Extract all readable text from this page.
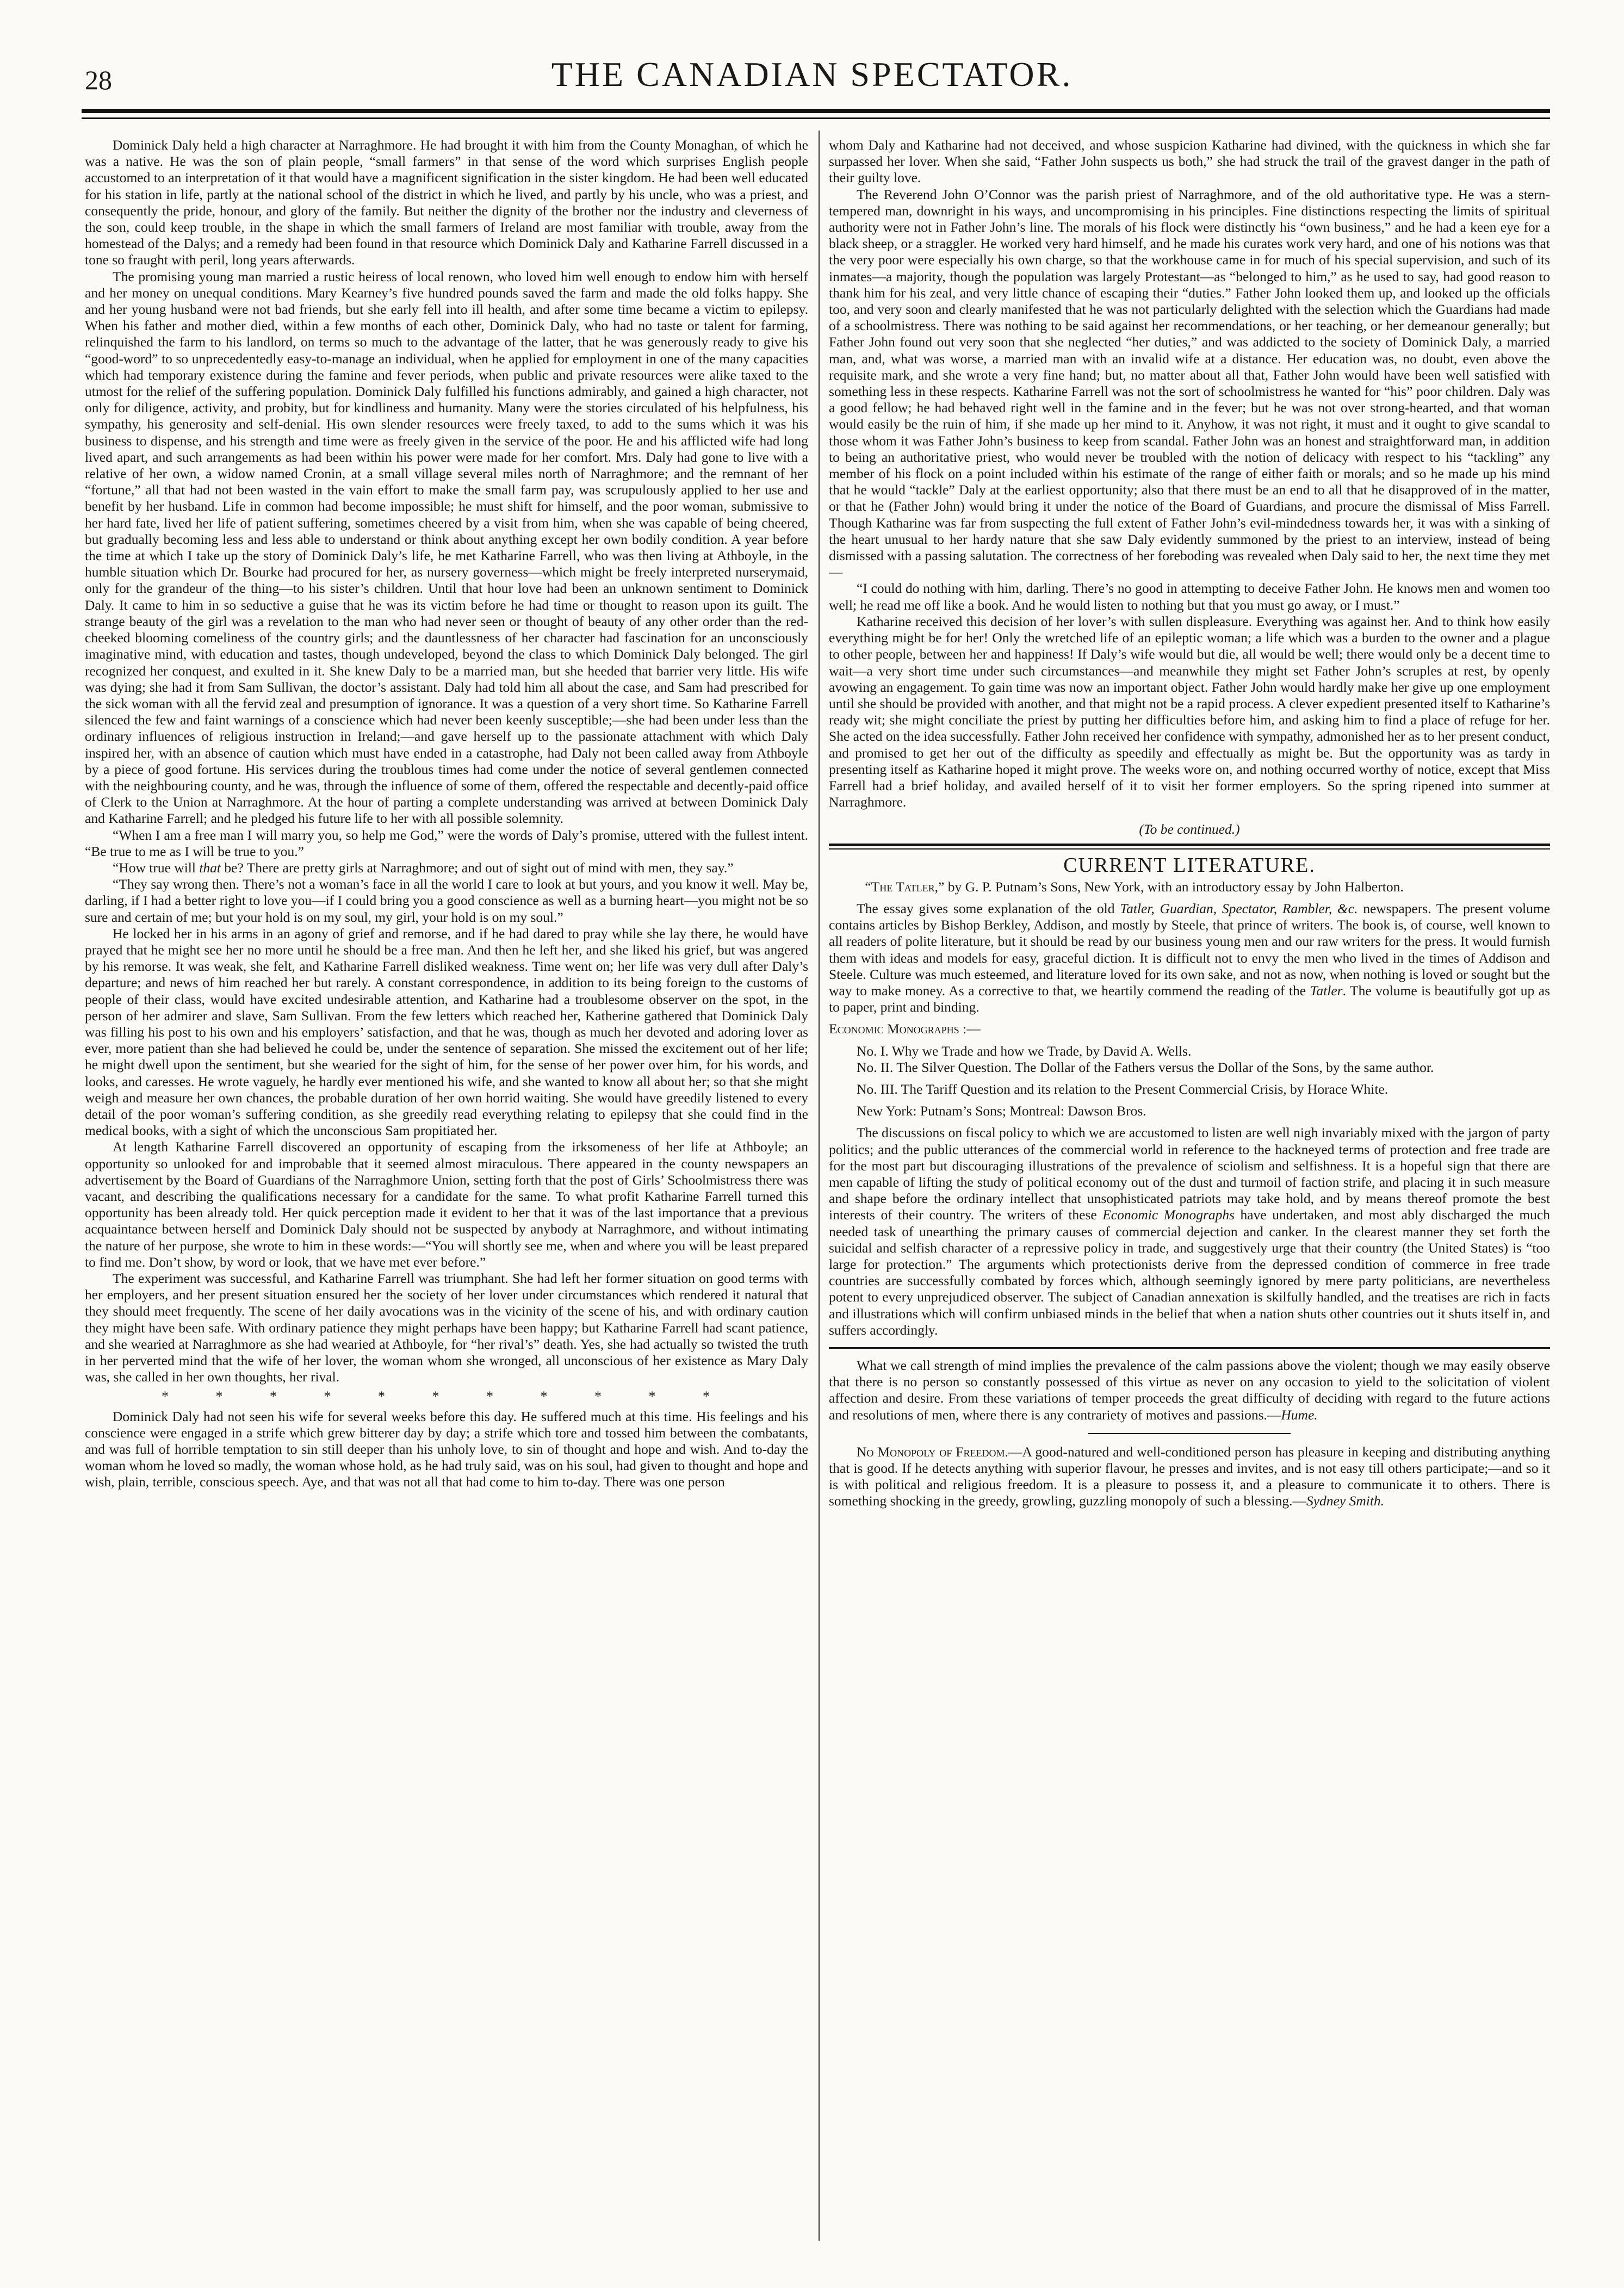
28	THE CANADIAN SPECTATOR.

Dominick Daly held a high character at Narraghmore. He had brought it with him from the County Monaghan, of which he was a native. He was the son of plain people, “small farmers” in that sense of the word which surprises English people accustomed to an interpretation of it that would have a magnificent signification in the sister kingdom. He had been well educated for his station in life, partly at the national school of the district in which he lived, and partly by his uncle, who was a priest, and consequently the pride, honour, and glory of the family. But neither the dignity of the brother nor the industry and cleverness of the son, could keep trouble, in the shape in which the small farmers of Ireland are most familiar with trouble, away from the homestead of the Dalys; and a remedy had been found in that resource which Dominick Daly and Katharine Farrell discussed in a tone so fraught with peril, long years afterwards.

The promising young man married a rustic heiress of local renown, who loved him well enough to endow him with herself and her money on unequal conditions. Mary Kearney’s five hundred pounds saved the farm and made the old folks happy. She and her young husband were not bad friends, but she early fell into ill health, and after some time became a victim to epilepsy. When his father and mother died, within a few months of each other, Dominick Daly, who had no taste or talent for farming, relinquished the farm to his landlord, on terms so much to the advantage of the latter, that he was generously ready to give his “good-word” to so unprecedentedly easy-to-manage an individual, when he applied for employment in one of the many capacities which had temporary existence during the famine and fever periods, when public and private resources were alike taxed to the utmost for the relief of the suffering population. Dominick Daly fulfilled his functions admirably, and gained a high character, not only for diligence, activity, and probity, but for kindliness and humanity. Many were the stories circulated of his helpfulness, his sympathy, his generosity and self-denial. His own slender resources were freely taxed, to add to the sums which it was his business to dispense, and his strength and time were as freely given in the service of the poor. He and his afflicted wife had long lived apart, and such arrangements as had been within his power were made for her comfort. Mrs. Daly had gone to live with a relative of her own, a widow named Cronin, at a small village several miles north of Narraghmore; and the remnant of her “fortune,” all that had not been wasted in the vain effort to make the small farm pay, was scrupulously applied to her use and benefit by her husband. Life in common had become impossible; he must shift for himself, and the poor woman, submissive to her hard fate, lived her life of patient suffering, sometimes cheered by a visit from him, when she was capable of being cheered, but gradually becoming less and less able to understand or think about anything except her own bodily condition. A year before the time at which I take up the story of Dominick Daly’s life, he met Katharine Farrell, who was then living at Athboyle, in the humble situation which Dr. Bourke had procured for her, as nursery governess—which might be freely interpreted nurserymaid, only for the grandeur of the thing—to his sister’s children. Until that hour love had been an unknown sentiment to Dominick Daly. It came to him in so seductive a guise that he was its victim before he had time or thought to reason upon its guilt. The strange beauty of the girl was a revelation to the man who had never seen or thought of beauty of any other order than the red-cheeked blooming comeliness of the country girls; and the dauntlessness of her character had fascination for an unconsciously imaginative mind, with education and tastes, though undeveloped, beyond the class to which Dominick Daly belonged. The girl recognized her conquest, and exulted in it. She knew Daly to be a married man, but she heeded that barrier very little. His wife was dying; she had it from Sam Sullivan, the doctor’s assistant. Daly had told him all about the case, and Sam had prescribed for the sick woman with all the fervid zeal and presumption of ignorance. It was a question of a very short time. So Katharine Farrell silenced the few and faint warnings of a conscience which had never been keenly susceptible;—she had been under less than the ordinary influences of religious instruction in Ireland;—and gave herself up to the passionate attachment with which Daly inspired her, with an absence of caution which must have ended in a catastrophe, had Daly not been called away from Athboyle by a piece of good fortune. His services during the troublous times had come under the notice of several gentlemen connected with the neighbouring county, and he was, through the influence of some of them, offered the respectable and decently-paid office of Clerk to the Union at Narraghmore. At the hour of parting a complete understanding was arrived at between Dominick Daly and Katharine Farrell; and he pledged his future life to her with all possible solemnity.

“When I am a free man I will marry you, so help me God,” were the words of Daly’s promise, uttered with the fullest intent. “Be true to me as I will be true to you.”

“How true will that be? There are pretty girls at Narraghmore; and out of sight out of mind with men, they say.”

“They say wrong then. There’s not a woman’s face in all the world I care to look at but yours, and you know it well. May be, darling, if I had a better right to love you—if I could bring you a good conscience as well as a burning heart—you might not be so sure and certain of me; but your hold is on my soul, my girl, your hold is on my soul.”

He locked her in his arms in an agony of grief and remorse, and if he had dared to pray while she lay there, he would have prayed that he might see her no more until he should be a free man. And then he left her, and she liked his grief, but was angered by his remorse. It was weak, she felt, and Katharine Farrell disliked weakness. Time went on; her life was very dull after Daly’s departure; and news of him reached her but rarely. A constant correspondence, in addition to its being foreign to the customs of people of their class, would have excited undesirable attention, and Katharine had a troublesome observer on the spot, in the person of her admirer and slave, Sam Sullivan. From the few letters which reached her, Katherine gathered that Dominick Daly was filling his post to his own and his employers’ satisfaction, and that he was, though as much her devoted and adoring lover as ever, more patient than she had believed he could be, under the sentence of separation. She missed the excitement out of her life; he might dwell upon the sentiment, but she wearied for the sight of him, for the sense of her power over him, for his words, and looks, and caresses. He wrote vaguely, he hardly ever mentioned his wife, and she wanted to know all about her; so that she might weigh and measure her own chances, the probable duration of her own horrid waiting. She would have greedily listened to every detail of the poor woman’s suffering condition, as she greedily read everything relating to epilepsy that she could find in the medical books, with a sight of which the unconscious Sam propitiated her.

At length Katharine Farrell discovered an opportunity of escaping from the irksomeness of her life at Athboyle; an opportunity so unlooked for and improbable that it seemed almost miraculous. There appeared in the county newspapers an advertisement by the Board of Guardians of the Narraghmore Union, setting forth that the post of Girls’ Schoolmistress there was vacant, and describing the qualifications necessary for a candidate for the same. To what profit Katharine Farrell turned this opportunity has been already told. Her quick perception made it evident to her that it was of the last importance that a previous acquaintance between herself and Dominick Daly should not be suspected by anybody at Narraghmore, and without intimating the nature of her purpose, she wrote to him in these words:—“You will shortly see me, when and where you will be least prepared to find me. Don’t show, by word or look, that we have met ever before.”

The experiment was successful, and Katharine Farrell was triumphant. She had left her former situation on good terms with her employers, and her present situation ensured her the society of her lover under circumstances which rendered it natural that they should meet frequently. The scene of her daily avocations was in the vicinity of the scene of his, and with ordinary caution they might have been safe. With ordinary patience they might perhaps have been happy; but Katharine Farrell had scant patience, and she wearied at Narraghmore as she had wearied at Athboyle, for “her rival’s” death. Yes, she had actually so twisted the truth in her perverted mind that the wife of her lover, the woman whom she wronged, all unconscious of her existence as Mary Daly was, she called in her own thoughts, her rival.

* * * * * * * * * * *

Dominick Daly had not seen his wife for several weeks before this day. He suffered much at this time. His feelings and his conscience were engaged in a strife which grew bitterer day by day; a strife which tore and tossed him between the combatants, and was full of horrible temptation to sin still deeper than his unholy love, to sin of thought and hope and wish. And to-day the woman whom he loved so madly, the woman whose hold, as he had truly said, was on his soul, had given to thought and hope and wish, plain, terrible, conscious speech. Aye, and that was not all that had come to him to-day. There was one person

whom Daly and Katharine had not deceived, and whose suspicion Katharine had divined, with the quickness in which she far surpassed her lover. When she said, “Father John suspects us both,” she had struck the trail of the gravest danger in the path of their guilty love.

The Reverend John O’Connor was the parish priest of Narraghmore, and of the old authoritative type. He was a stern-tempered man, downright in his ways, and uncompromising in his principles. Fine distinctions respecting the limits of spiritual authority were not in Father John’s line. The morals of his flock were distinctly his “own business,” and he had a keen eye for a black sheep, or a straggler. He worked very hard himself, and he made his curates work very hard, and one of his notions was that the very poor were especially his own charge, so that the workhouse came in for much of his special supervision, and such of its inmates—a majority, though the population was largely Protestant—as “belonged to him,” as he used to say, had good reason to thank him for his zeal, and very little chance of escaping their “duties.” Father John looked them up, and looked up the officials too, and very soon and clearly manifested that he was not particularly delighted with the selection which the Guardians had made of a schoolmistress. There was nothing to be said against her recommendations, or her teaching, or her demeanour generally; but Father John found out very soon that she neglected “her duties,” and was addicted to the society of Dominick Daly, a married man, and, what was worse, a married man with an invalid wife at a distance. Her education was, no doubt, even above the requisite mark, and she wrote a very fine hand; but, no matter about all that, Father John would have been well satisfied with something less in these respects. Katharine Farrell was not the sort of schoolmistress he wanted for “his” poor children. Daly was a good fellow; he had behaved right well in the famine and in the fever; but he was not over strong-hearted, and that woman would easily be the ruin of him, if she made up her mind to it. Anyhow, it was not right, it must and it ought to give scandal to those whom it was Father John’s business to keep from scandal. Father John was an honest and straightforward man, in addition to being an authoritative priest, who would never be troubled with the notion of delicacy with respect to his “tackling” any member of his flock on a point included within his estimate of the range of either faith or morals; and so he made up his mind that he would “tackle” Daly at the earliest opportunity; also that there must be an end to all that he disapproved of in the matter, or that he (Father John) would bring it under the notice of the Board of Guardians, and procure the dismissal of Miss Farrell. Though Katharine was far from suspecting the full extent of Father John’s evil-mindedness towards her, it was with a sinking of the heart unusual to her hardy nature that she saw Daly evidently summoned by the priest to an interview, instead of being dismissed with a passing salutation. The correctness of her foreboding was revealed when Daly said to her, the next time they met—

“I could do nothing with him, darling. There’s no good in attempting to deceive Father John. He knows men and women too well; he read me off like a book. And he would listen to nothing but that you must go away, or I must.”

Katharine received this decision of her lover’s with sullen displeasure. Everything was against her. And to think how easily everything might be for her! Only the wretched life of an epileptic woman; a life which was a burden to the owner and a plague to other people, between her and happiness! If Daly’s wife would but die, all would be well; there would only be a decent time to wait—a very short time under such circumstances—and meanwhile they might set Father John’s scruples at rest, by openly avowing an engagement. To gain time was now an important object. Father John would hardly make her give up one employment until she should be provided with another, and that might not be a rapid process. A clever expedient presented itself to Katharine’s ready wit; she might conciliate the priest by putting her difficulties before him, and asking him to find a place of refuge for her. She acted on the idea successfully. Father John received her confidence with sympathy, admonished her as to her present conduct, and promised to get her out of the difficulty as speedily and effectually as might be. But the opportunity was as tardy in presenting itself as Katharine hoped it might prove. The weeks wore on, and nothing occurred worthy of notice, except that Miss Farrell had a brief holiday, and availed herself of it to visit her former employers. So the spring ripened into summer at Narraghmore.

(To be continued.)
CURRENT LITERATURE.

“The Tatler,” by G. P. Putnam’s Sons, New York, with an introductory essay by John Halberton.

The essay gives some explanation of the old Tatler, Guardian, Spectator, Rambler, &c. newspapers. The present volume contains articles by Bishop Berkley, Addison, and mostly by Steele, that prince of writers. The book is, of course, well known to all readers of polite literature, but it should be read by our business young men and our raw writers for the press. It would furnish them with ideas and models for easy, graceful diction. It is difficult not to envy the men who lived in the times of Addison and Steele. Culture was much esteemed, and literature loved for its own sake, and not as now, when nothing is loved or sought but the way to make money. As a corrective to that, we heartily commend the reading of the Tatler. The volume is beautifully got up as to paper, print and binding.

Economic Monographs :—

No. I. Why we Trade and how we Trade, by David A. Wells.

No. II. The Silver Question. The Dollar of the Fathers versus the Dollar of the Sons, by the same author.

No. III. The Tariff Question and its relation to the Present Commercial Crisis, by Horace White.

New York: Putnam’s Sons; Montreal: Dawson Bros.

The discussions on fiscal policy to which we are accustomed to listen are well nigh invariably mixed with the jargon of party politics; and the public utterances of the commercial world in reference to the hackneyed terms of protection and free trade are for the most part but discouraging illustrations of the prevalence of sciolism and selfishness. It is a hopeful sign that there are men capable of lifting the study of political economy out of the dust and turmoil of faction strife, and placing it in such measure and shape before the ordinary intellect that unsophisticated patriots may take hold, and by means thereof promote the best interests of their country. The writers of these Economic Monographs have undertaken, and most ably discharged the much needed task of unearthing the primary causes of commercial dejection and canker. In the clearest manner they set forth the suicidal and selfish character of a repressive policy in trade, and suggestively urge that their country (the United States) is “too large for protection.” The arguments which protectionists derive from the depressed condition of commerce in free trade countries are successfully combated by forces which, although seemingly ignored by mere party politicians, are nevertheless potent to every unprejudiced observer. The subject of Canadian annexation is skilfully handled, and the treatises are rich in facts and illustrations which will confirm unbiased minds in the belief that when a nation shuts other countries out it shuts itself in, and suffers accordingly.

What we call strength of mind implies the prevalence of the calm passions above the violent; though we may easily observe that there is no person so constantly possessed of this virtue as never on any occasion to yield to the solicitation of violent affection and desire. From these variations of temper proceeds the great difficulty of deciding with regard to the future actions and resolutions of men, where there is any contrariety of motives and passions.—Hume.

No Monopoly of Freedom.—A good-natured and well-conditioned person has pleasure in keeping and distributing anything that is good. If he detects anything with superior flavour, he presses and invites, and is not easy till others participate;—and so it is with political and religious freedom. It is a pleasure to possess it, and a pleasure to communicate it to others. There is something shocking in the greedy, growling, guzzling monopoly of such a blessing.—Sydney Smith.
